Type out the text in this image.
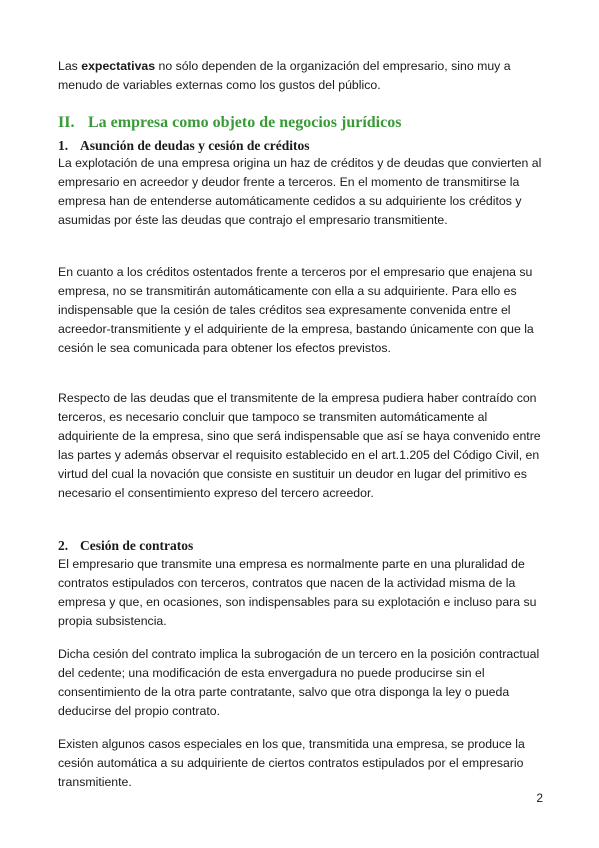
Las expectativas no sólo dependen de la organización del empresario, sino muy a menudo de variables externas como los gustos del público.

II. La empresa como objeto de negocios jurídicos
1. Asunción de deudas y cesión de créditos

La explotación de una empresa origina un haz de créditos y de deudas que convierten al empresario en acreedor y deudor frente a terceros. En el momento de transmitirse la empresa han de entenderse automáticamente cedidos a su adquiriente los créditos y asumidas por éste las deudas que contrajo el empresario transmitiente.

En cuanto a los créditos ostentados frente a terceros por el empresario que enajena su empresa, no se transmitirán automáticamente con ella a su adquiriente. Para ello es indispensable que la cesión de tales créditos sea expresamente convenida entre el acreedor-transmitiente y el adquiriente de la empresa, bastando únicamente con que la cesión le sea comunicada para obtener los efectos previstos.

Respecto de las deudas que el transmitente de la empresa pudiera haber contraído con terceros, es necesario concluir que tampoco se transmiten automáticamente al adquiriente de la empresa, sino que será indispensable que así se haya convenido entre las partes y además observar el requisito establecido en el art.1.205 del Código Civil, en virtud del cual la novación que consiste en sustituir un deudor en lugar del primitivo es necesario el consentimiento expreso del tercero acreedor.

2. Cesión de contratos

El empresario que transmite una empresa es normalmente parte en una pluralidad de contratos estipulados con terceros, contratos que nacen de la actividad misma de la empresa y que, en ocasiones, son indispensables para su explotación e incluso para su propia subsistencia.

Dicha cesión del contrato implica la subrogación de un tercero en la posición contractual del cedente; una modificación de esta envergadura no puede producirse sin el consentimiento de la otra parte contratante, salvo que otra disponga la ley o pueda deducirse del propio contrato.

Existen algunos casos especiales en los que, transmitida una empresa, se produce la cesión automática a su adquiriente de ciertos contratos estipulados por el empresario transmitiente.

2
